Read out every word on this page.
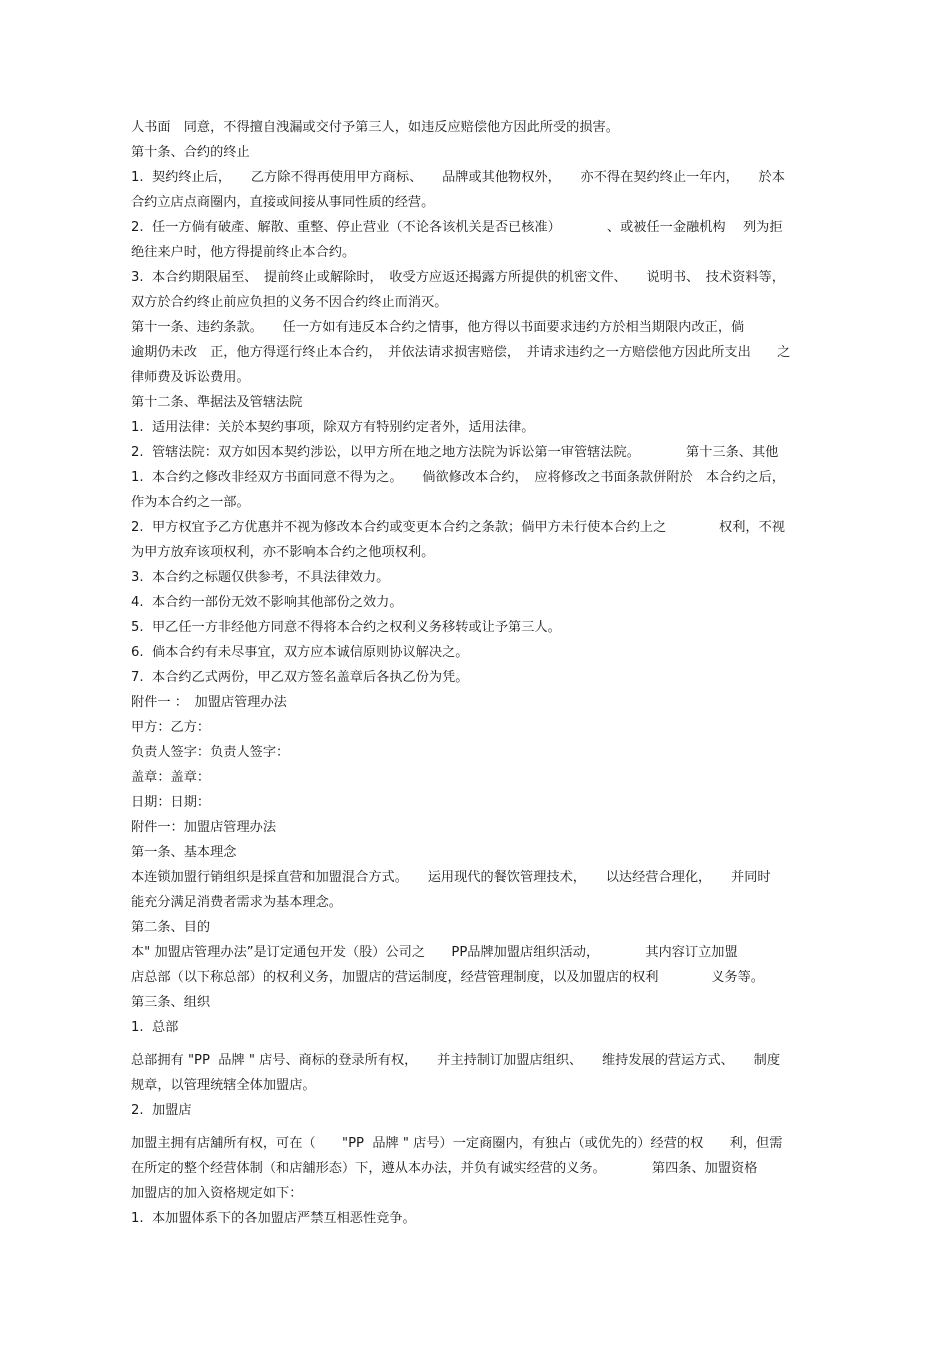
人书面　同意，不得擅自洩漏或交付予第三人，如违反应赔偿他方因此所受的损害。
第十条、合约的终止
1.  契约终止后，　　乙方除不得再使用甲方商标、　　品牌或其他物权外，　　亦不得在契约终止一年内，　　於本
合约立店点商圈内，直接或间接从事同性质的经营。
2.  任一方倘有破產、解散、重整、停止营业（不论各该机关是否已核准）　　　　、或被任一金融机构　 列为拒
绝往来户时，他方得提前终止本合约。
3.  本合约期限届至、　提前终止或解除时，　收受方应返还揭露方所提供的机密文件、　　说明书、　技术资料等，
双方於合约终止前应负担的义务不因合约终止而消灭。
第十一条、违约条款。　　任一方如有违反本合约之情事，他方得以书面要求违约方於相当期限内改正，倘
逾期仍未改　正，他方得逕行终止本合约，　并依法请求损害赔偿，　并请求违约之一方赔偿他方因此所支出　　之
律师费及诉讼费用。
第十二条、準据法及管辖法院
1.  适用法律：关於本契约事项，除双方有特别约定者外，适用法律。
2.  管辖法院：双方如因本契约涉讼，以甲方所在地之地方法院为诉讼第一审管辖法院。　　　　第十三条、其他
1.  本合约之修改非经双方书面同意不得为之。　　倘欲修改本合约，　应将修改之书面条款併附於　本合约之后，
作为本合约之一部。
2.  甲方权宜予乙方优惠并不视为修改本合约或变更本合约之条款；倘甲方未行使本合约上之　　　　权利，不视
为甲方放弃该项权利，亦不影响本合约之他项权利。
3.  本合约之标题仅供参考，不具法律效力。
4.  本合约一部份无效不影响其他部份之效力。
5.  甲乙任一方非经他方同意不得将本合约之权利义务移转或让予第三人。
6.  倘本合约有未尽事宜，双方应本诚信原则协议解决之。
7.  本合约乙式两份，甲乙双方签名盖章后各执乙份为凭。
附件一 ：　加盟店管理办法
甲方：乙方：
负责人签字：负责人签字：
盖章：盖章：
日期：日期：
附件一：加盟店管理办法
第一条、基本理念
本连锁加盟行销组织是採直营和加盟混合方式。　　运用现代的餐饮管理技术，　　以达经营合理化，　　并同时
能充分满足消费者需求为基本理念。
第二条、目的
本" 加盟店管理办法”是订定通包开发（股）公司之　　PP品牌加盟店组织活动，　　　　其内容订立加盟
店总部（以下称总部）的权利义务，加盟店的营运制度，经营管理制度，以及加盟店的权利　　　　义务等。
第三条、组织
1.  总部
总部拥有 "PP  品牌 " 店号、商标的登录所有权，　　并主持制订加盟店组织、　　维持发展的营运方式、　　制度
规章，以管理统辖全体加盟店。
2.  加盟店
加盟主拥有店舖所有权，可在（　　"PP  品牌 " 店号）一定商圈内，有独占（或优先的）经营的权　　利，但需
在所定的整个经营体制（和店舖形态）下，遵从本办法，并负有诚实经营的义务。　　　　第四条、加盟资格
加盟店的加入资格规定如下：
1.  本加盟体系下的各加盟店严禁互相恶性竞争。
